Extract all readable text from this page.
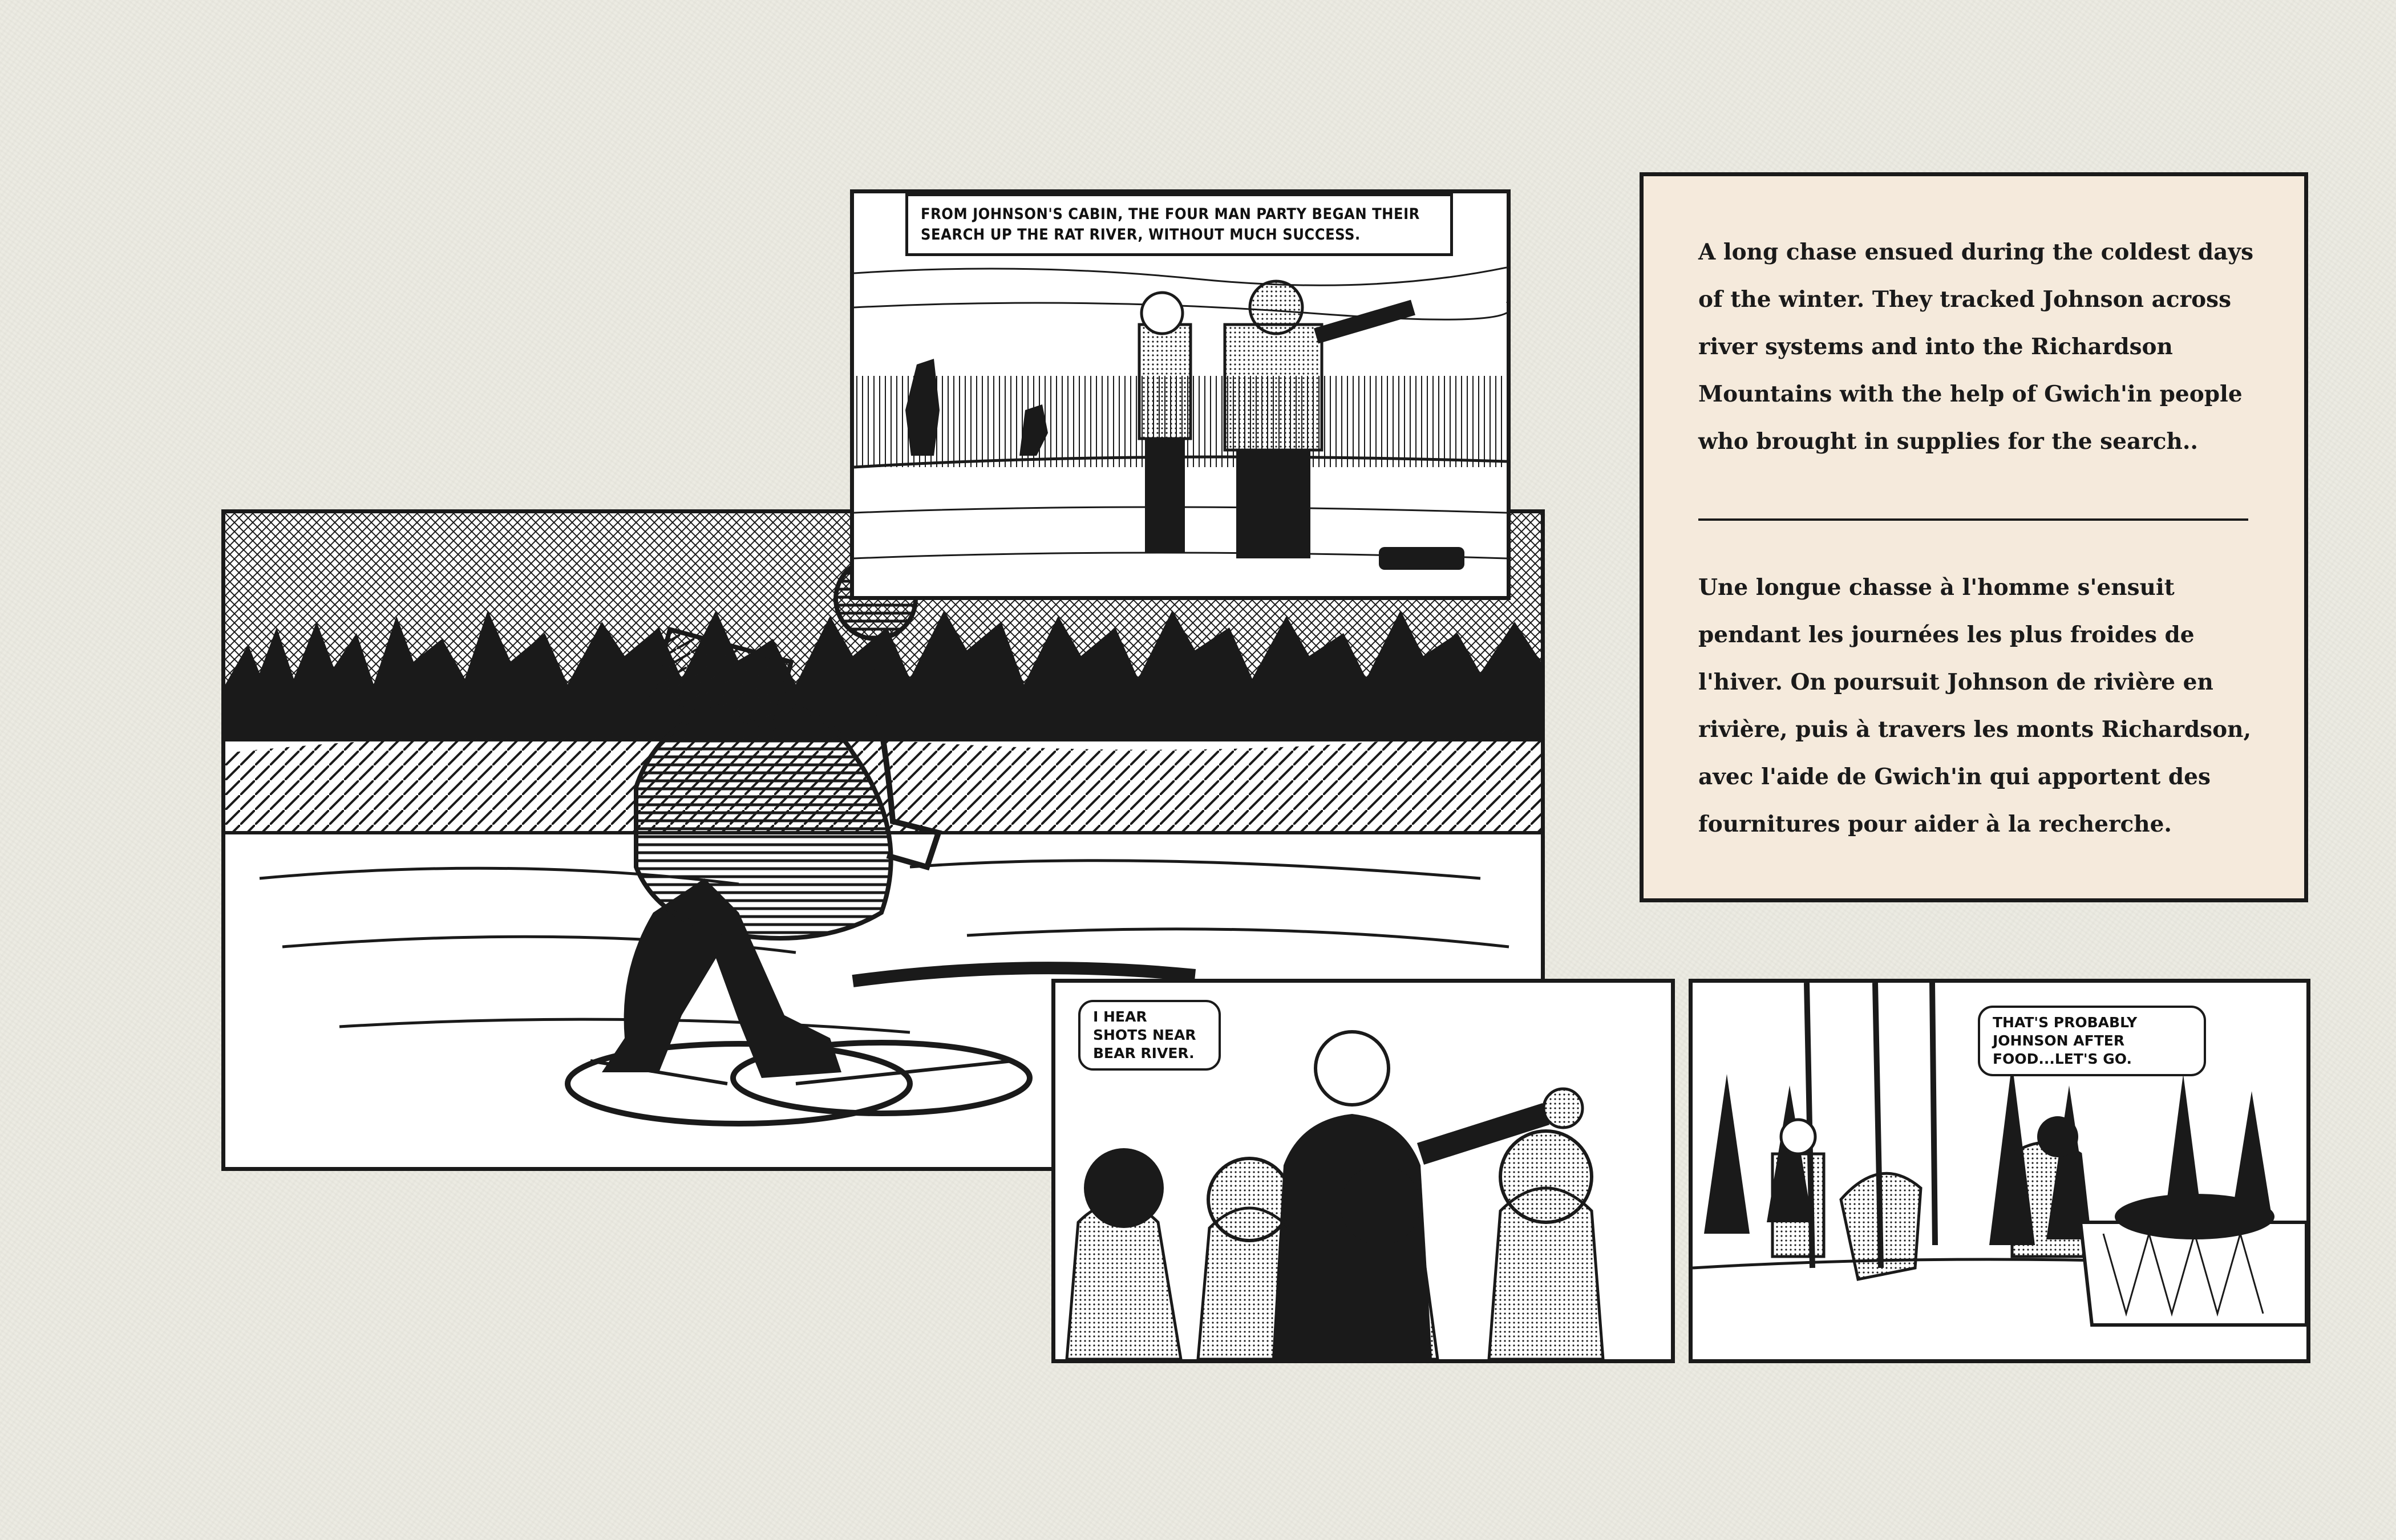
FROM JOHNSON'S CABIN, THE FOUR MAN PARTY BEGAN THEIR SEARCH UP THE RAT RIVER, WITHOUT MUCH SUCCESS.
I HEAR SHOTS NEAR BEAR RIVER.
THAT'S PROBABLY JOHNSON AFTER FOOD...LET'S GO.

A long chase ensued during the coldest days of the winter. They tracked Johnson across river systems and into the Richardson Mountains with the help of Gwich'in people who brought in supplies for the search..

Une longue chasse à l'homme s'ensuit pendant les journées les plus froides de l'hiver. On poursuit Johnson de rivière en rivière, puis à travers les monts Richardson, avec l'aide de Gwich'in qui apportent des fournitures pour aider à la recherche.
